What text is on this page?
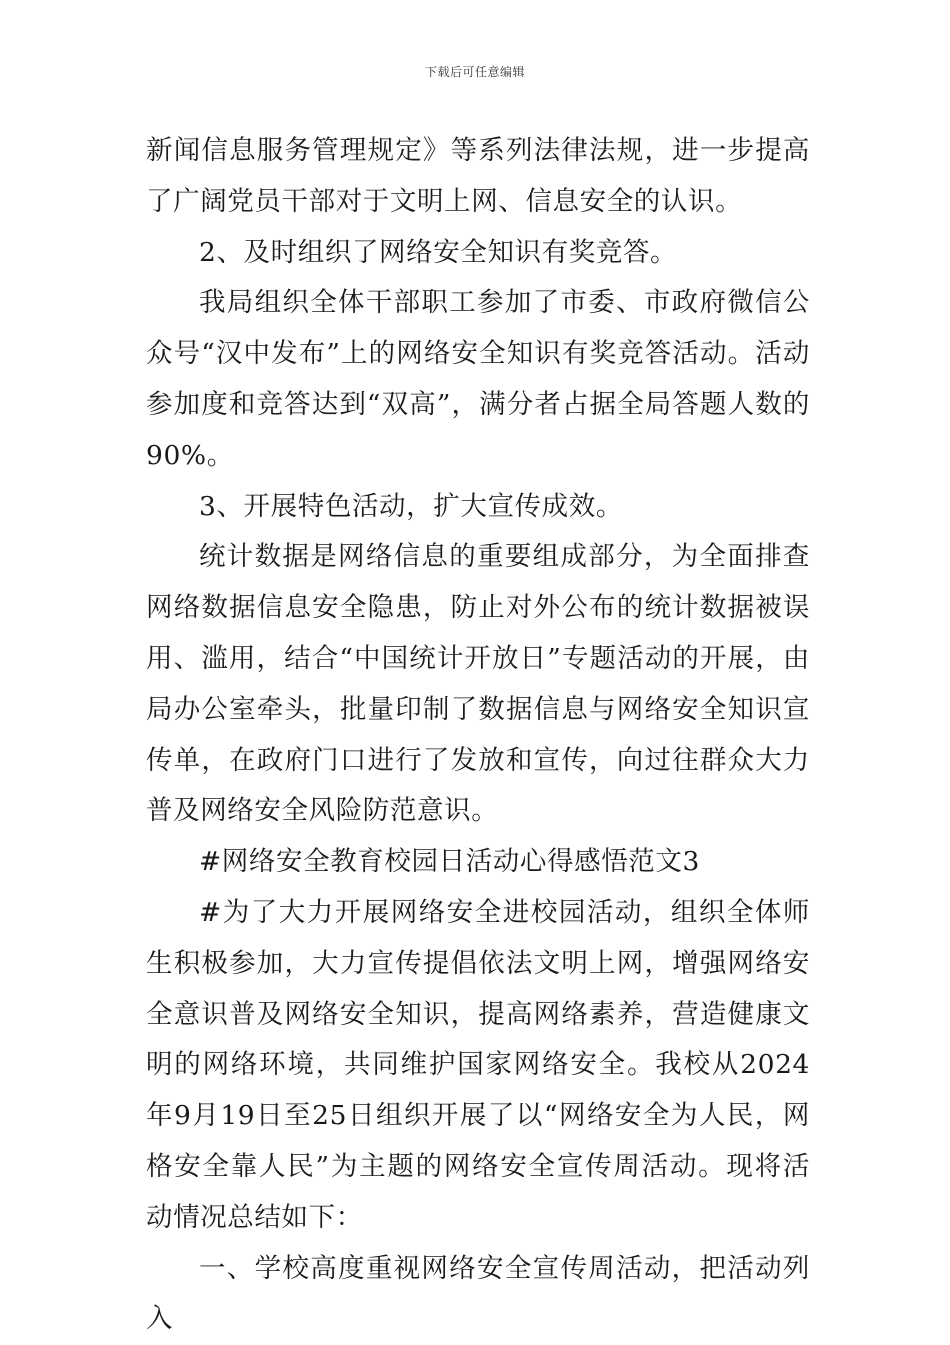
下载后可任意编辑

新闻信息服务管理规定》等系列法律法规，进一步提高了广阔党员干部对于文明上网、信息安全的认识。

2、及时组织了网络安全知识有奖竞答。

我局组织全体干部职工参加了市委、市政府微信公众号“汉中发布”上的网络安全知识有奖竞答活动。活动参加度和竞答达到“双高”，满分者占据全局答题人数的90%。

3、开展特色活动，扩大宣传成效。

统计数据是网络信息的重要组成部分，为全面排查网络数据信息安全隐患，防止对外公布的统计数据被误用、滥用，结合“中国统计开放日”专题活动的开展，由局办公室牵头，批量印制了数据信息与网络安全知识宣传单，在政府门口进行了发放和宣传，向过往群众大力普及网络安全风险防范意识。

#网络安全教育校园日活动心得感悟范文3

#为了大力开展网络安全进校园活动，组织全体师生积极参加，大力宣传提倡依法文明上网，增强网络安全意识普及网络安全知识，提高网络素养，营造健康文明的网络环境，共同维护国家网络安全。我校从2024年9月19日至25日组织开展了以“网络安全为人民，网格安全靠人民”为主题的网络安全宣传周活动。现将活动情况总结如下：

一、学校高度重视网络安全宣传周活动，把活动列入
